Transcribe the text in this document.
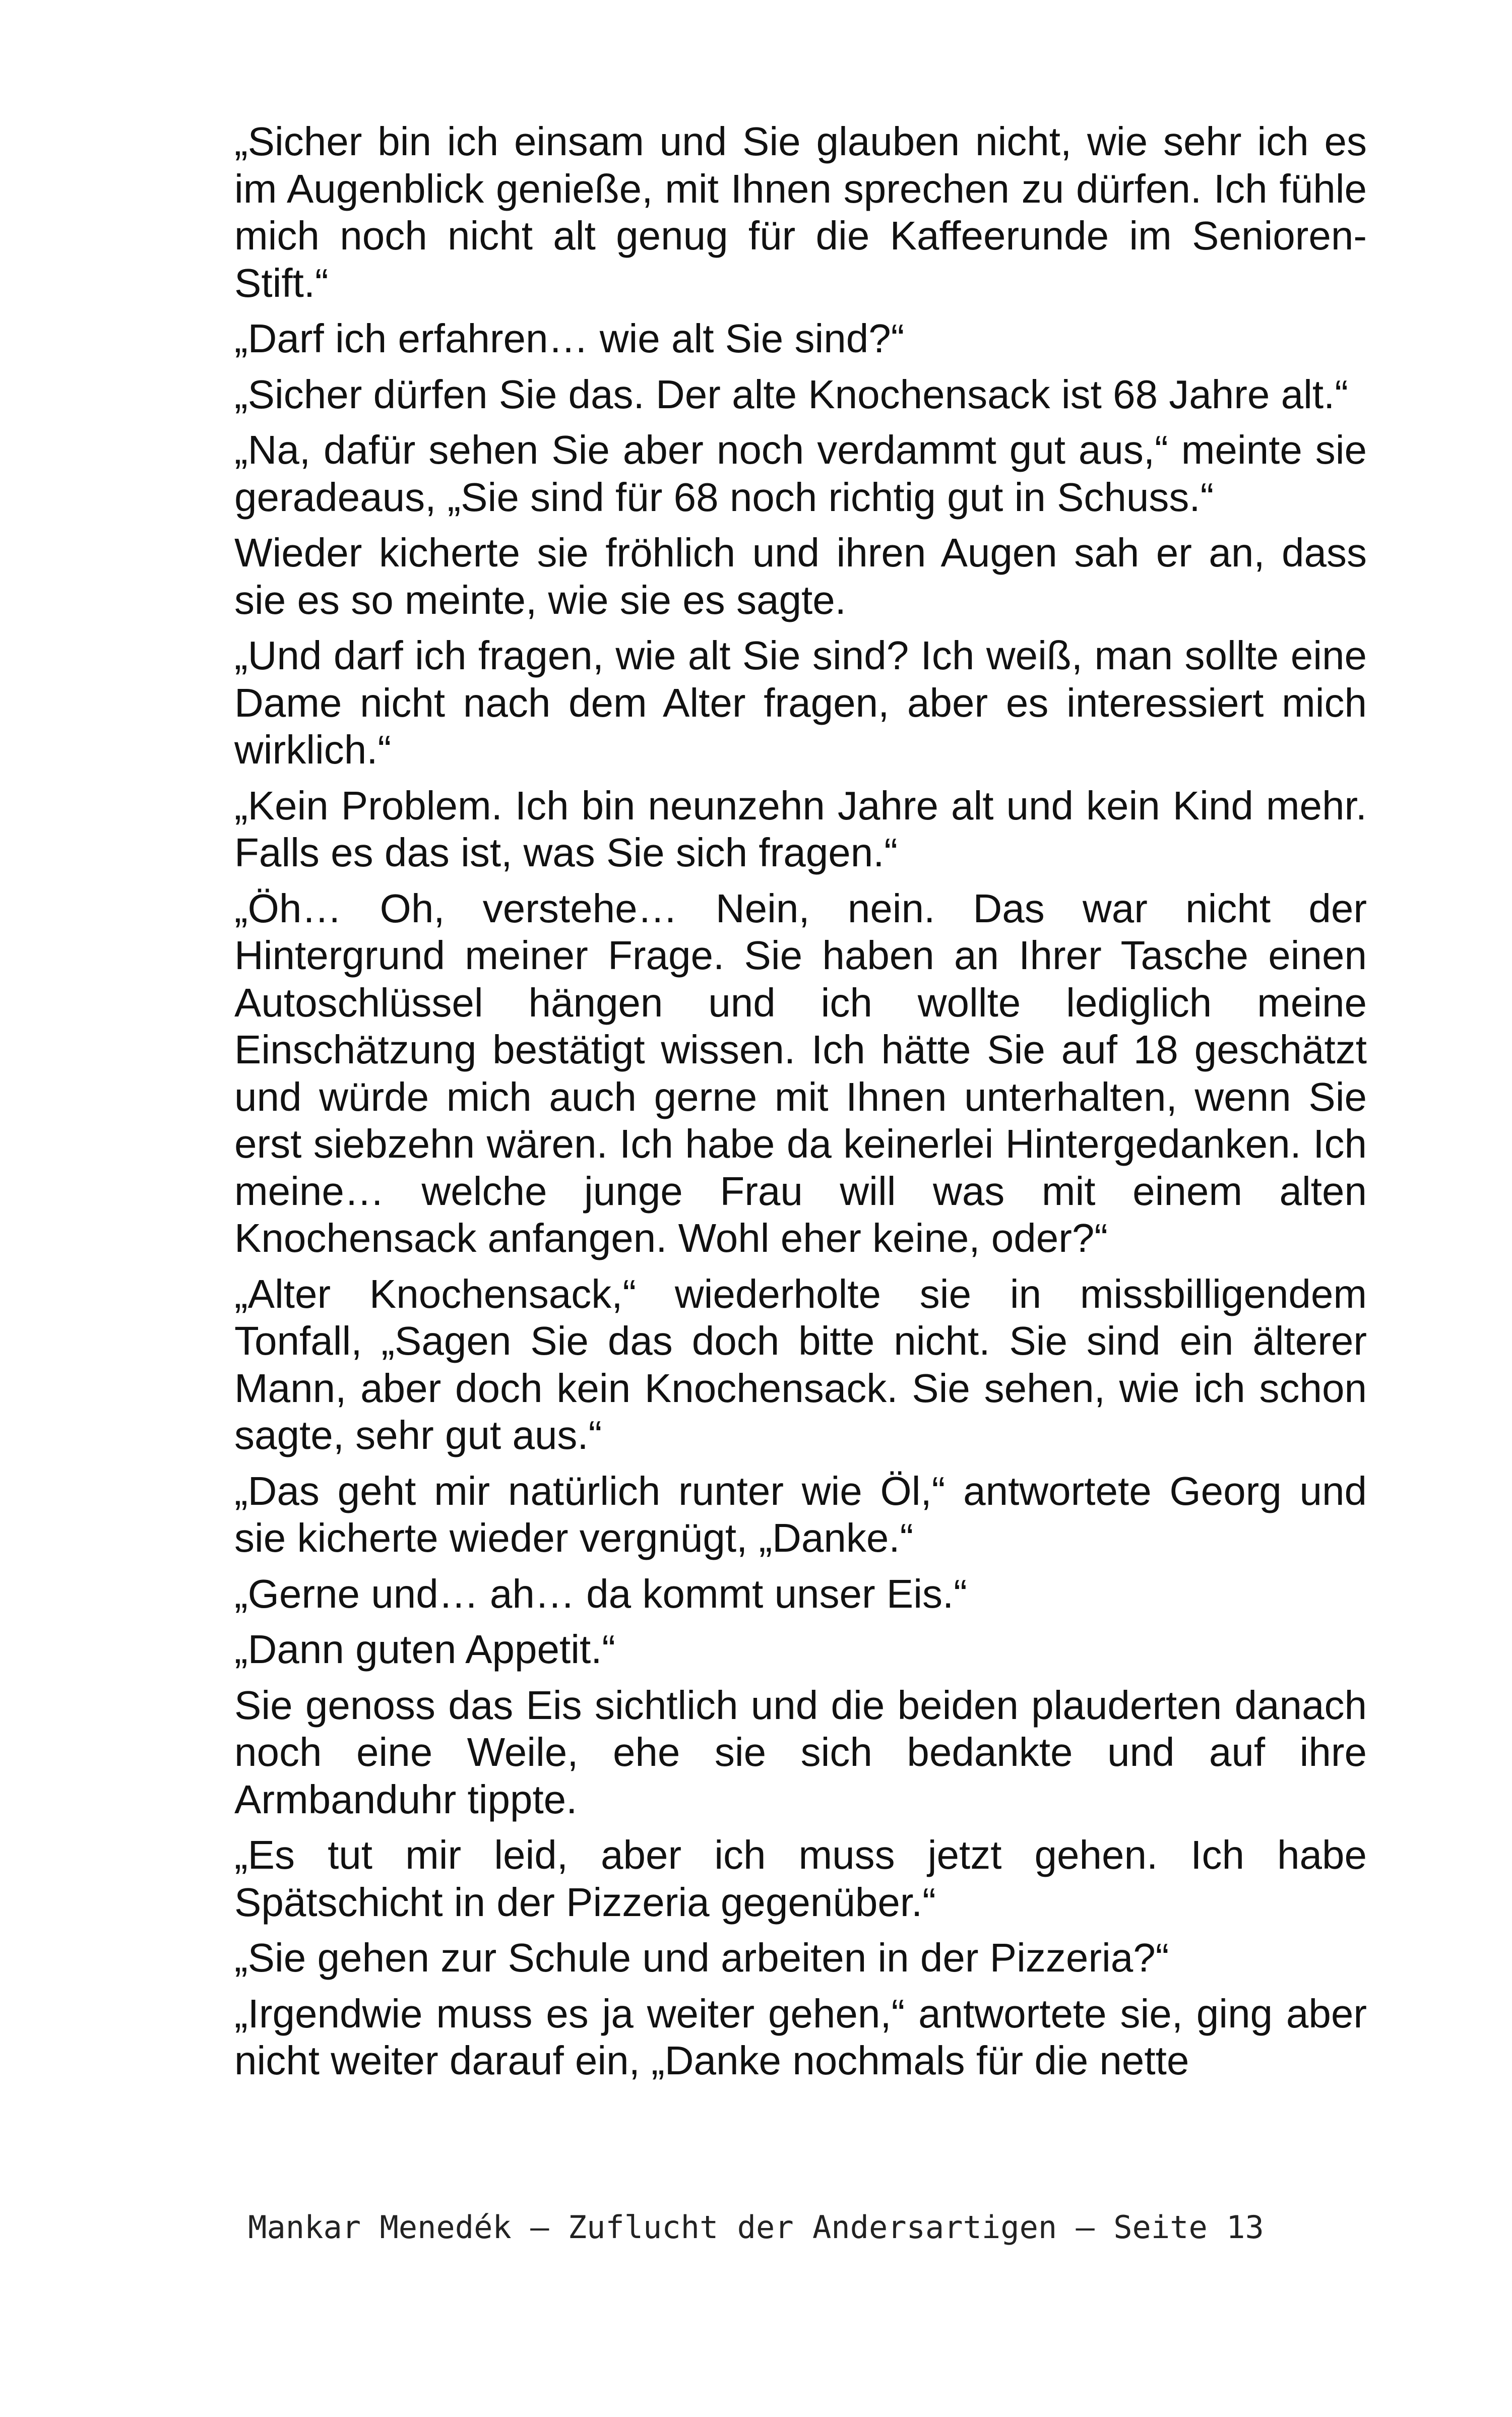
„Sicher bin ich einsam und Sie glauben nicht, wie sehr ich es im Augenblick genieße, mit Ihnen sprechen zu dürfen. Ich fühle mich noch nicht alt genug für die Kaffeerunde im Senioren-Stift.“

„Darf ich erfahren… wie alt Sie sind?“

„Sicher dürfen Sie das. Der alte Knochensack ist 68 Jahre alt.“

„Na, dafür sehen Sie aber noch verdammt gut aus,“ meinte sie geradeaus, „Sie sind für 68 noch richtig gut in Schuss.“

Wieder kicherte sie fröhlich und ihren Augen sah er an, dass sie es so meinte, wie sie es sagte.

„Und darf ich fragen, wie alt Sie sind? Ich weiß, man sollte eine Dame nicht nach dem Alter fragen, aber es interessiert mich wirklich.“

„Kein Problem. Ich bin neunzehn Jahre alt und kein Kind mehr. Falls es das ist, was Sie sich fragen.“

„Öh… Oh, verstehe… Nein, nein. Das war nicht der Hintergrund meiner Frage. Sie haben an Ihrer Tasche einen Autoschlüssel hängen und ich wollte lediglich meine Einschätzung bestätigt wissen. Ich hätte Sie auf 18 geschätzt und würde mich auch gerne mit Ihnen unterhalten, wenn Sie erst siebzehn wären. Ich habe da keinerlei Hintergedanken. Ich meine… welche junge Frau will was mit einem alten Knochensack anfangen. Wohl eher keine, oder?“

„Alter Knochensack,“ wiederholte sie in missbilligendem Tonfall, „Sagen Sie das doch bitte nicht. Sie sind ein älterer Mann, aber doch kein Knochensack. Sie sehen, wie ich schon sagte, sehr gut aus.“

„Das geht mir natürlich runter wie Öl,“ antwortete Georg und sie kicherte wieder vergnügt, „Danke.“

„Gerne und… ah… da kommt unser Eis.“

„Dann guten Appetit.“

Sie genoss das Eis sichtlich und die beiden plauderten danach noch eine Weile, ehe sie sich bedankte und auf ihre Armbanduhr tippte.

„Es tut mir leid, aber ich muss jetzt gehen. Ich habe Spätschicht in der Pizzeria gegenüber.“

„Sie gehen zur Schule und arbeiten in der Pizzeria?“

„Irgendwie muss es ja weiter gehen,“ antwortete sie, ging aber nicht weiter darauf ein, „Danke nochmals für die nette

Mankar Menedék – Zuflucht der Andersartigen – Seite 13
